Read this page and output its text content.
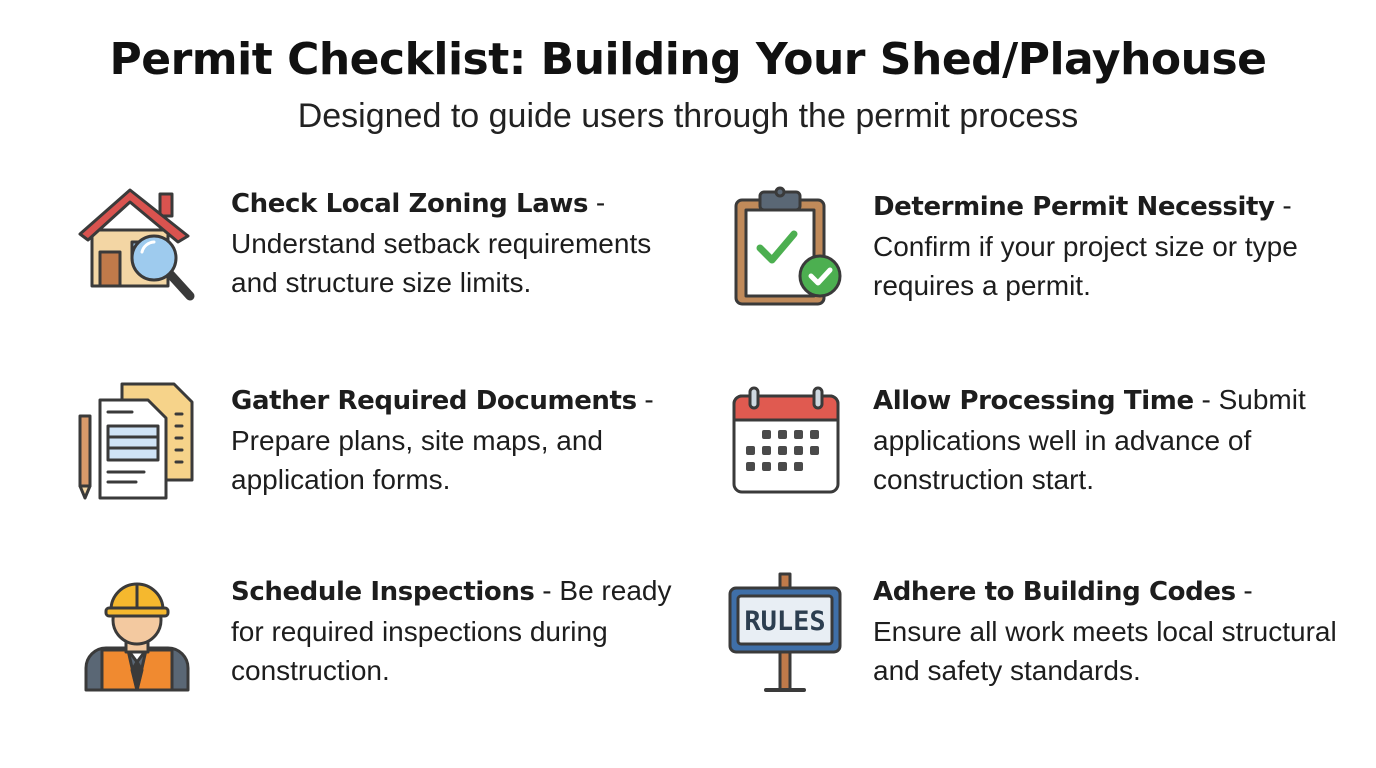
Permit Checklist: Building Your Shed/Playhouse
Designed to guide users through the permit process
Check Local Zoning Laws - Understand setback requirements and structure size limits.
Determine Permit Necessity - Confirm if your project size or type requires a permit.
Gather Required Documents - Prepare plans, site maps, and application forms.
Allow Processing Time - Submit applications well in advance of construction start.
Schedule Inspections - Be ready for required inspections during construction.
RULES
Adhere to Building Codes - Ensure all work meets local structural and safety standards.
